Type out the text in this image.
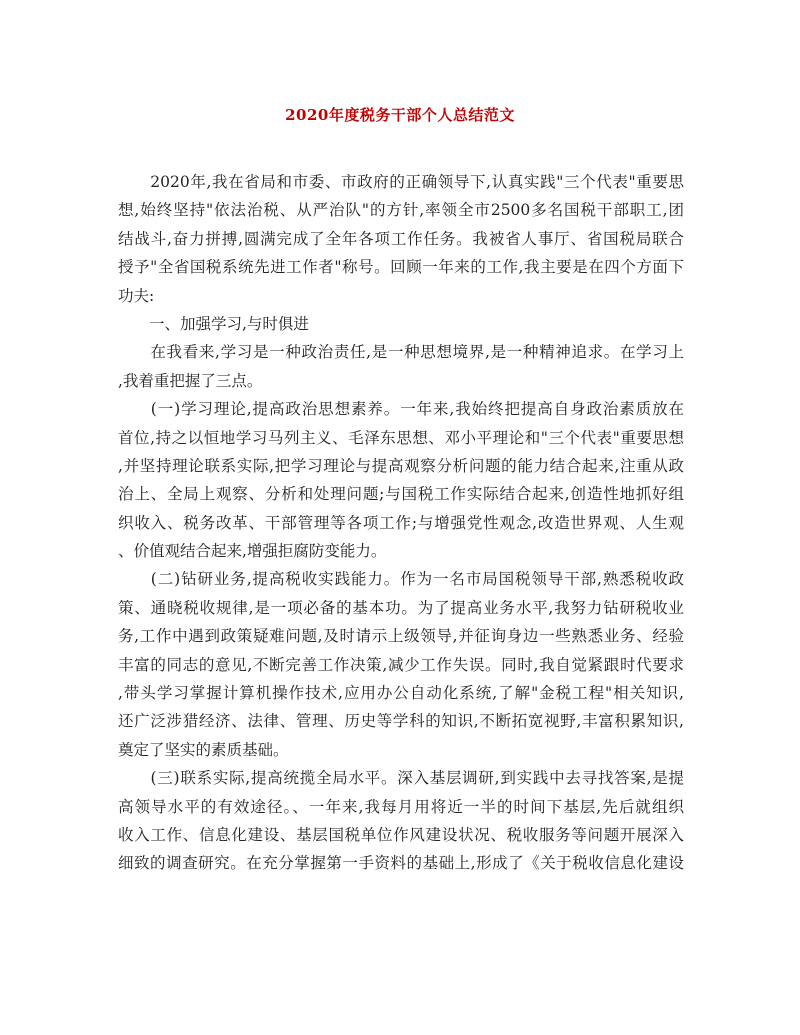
2020年度税务干部个人总结范文
　　2020年,我在省局和市委、市政府的正确领导下,认真实践"三个代表"重要思
想,始终坚持"依法治税、从严治队"的方针,率领全市2500多名国税干部职工,团
结战斗,奋力拼搏,圆满完成了全年各项工作任务。我被省人事厅、省国税局联合
授予"全省国税系统先进工作者"称号。回顾一年来的工作,我主要是在四个方面下
功夫:
　　一、加强学习,与时俱进
　　在我看来,学习是一种政治责任,是一种思想境界,是一种精神追求。在学习上
,我着重把握了三点。
　　(一)学习理论,提高政治思想素养。一年来,我始终把提高自身政治素质放在
首位,持之以恒地学习马列主义、毛泽东思想、邓小平理论和"三个代表"重要思想
,并坚持理论联系实际,把学习理论与提高观察分析问题的能力结合起来,注重从政
治上、全局上观察、分析和处理问题;与国税工作实际结合起来,创造性地抓好组
织收入、税务改革、干部管理等各项工作;与增强党性观念,改造世界观、人生观
、价值观结合起来,增强拒腐防变能力。
　　(二)钻研业务,提高税收实践能力。作为一名市局国税领导干部,熟悉税收政
策、通晓税收规律,是一项必备的基本功。为了提高业务水平,我努力钻研税收业
务,工作中遇到政策疑难问题,及时请示上级领导,并征询身边一些熟悉业务、经验
丰富的同志的意见,不断完善工作决策,减少工作失误。同时,我自觉紧跟时代要求
,带头学习掌握计算机操作技术,应用办公自动化系统,了解"金税工程"相关知识,
还广泛涉猎经济、法律、管理、历史等学科的知识,不断拓宽视野,丰富积累知识,
奠定了坚实的素质基础。
　　(三)联系实际,提高统揽全局水平。深入基层调研,到实践中去寻找答案,是提
高领导水平的有效途径。、一年来,我每月用将近一半的时间下基层,先后就组织
收入工作、信息化建设、基层国税单位作风建设状况、税收服务等问题开展深入
细致的调查研究。在充分掌握第一手资料的基础上,形成了《关于税收信息化建设
